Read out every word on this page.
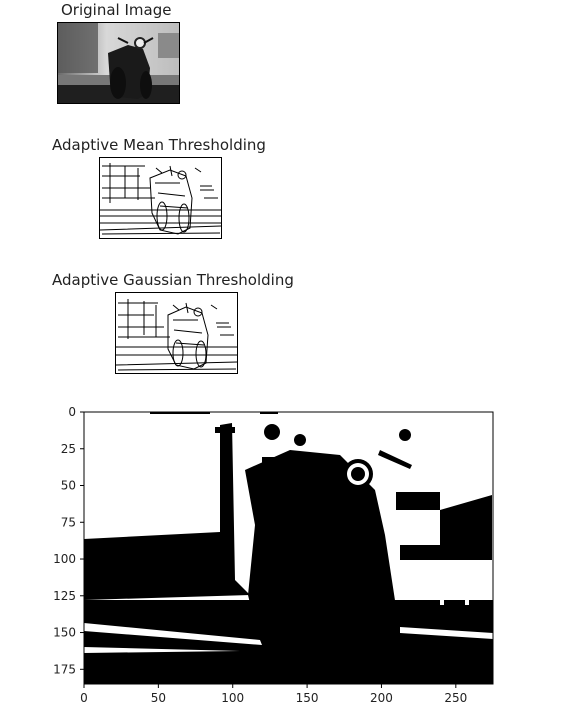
Original Image
Adaptive Mean Thresholding
Adaptive Gaussian Thresholding
0	50	100	150	200	250
0
25
50
75
100
125
150
175
